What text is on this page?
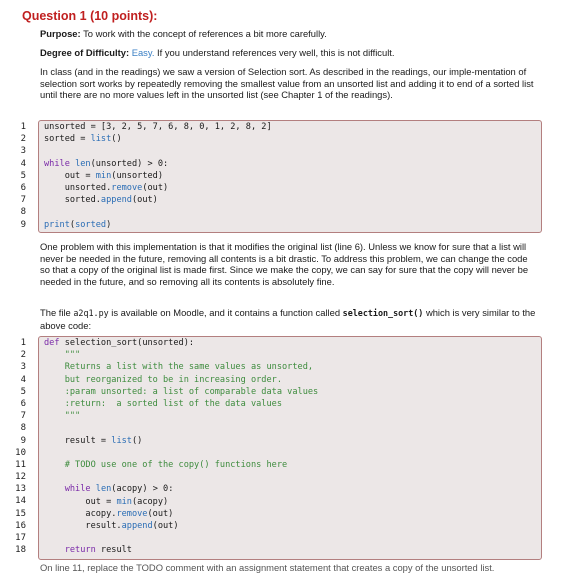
Question 1 (10 points):
Purpose: To work with the concept of references a bit more carefully.
Degree of Difficulty: Easy. If you understand references very well, this is not difficult.
In class (and in the readings) we saw a version of Selection sort. As described in the readings, our imple-mentation of selection sort works by repeatedly removing the smallest value from an unsorted list and adding it to end of a sorted list until there are no more values left in the unsorted list (see Chapter 1 of the readings).
1
2
3
4
5
6
7
8
9
unsorted = [3, 2, 5, 7, 6, 8, 0, 1, 2, 8, 2]
sorted = list()
while len(unsorted) > 0:
out = min(unsorted)
unsorted.remove(out)
sorted.append(out)
print(sorted)
One problem with this implementation is that it modifies the original list (line 6). Unless we know for sure that a list will never be needed in the future, removing all contents is a bit drastic. To address this problem, we can change the code so that a copy of the original list is made first. Since we make the copy, we can say for sure that the copy will never be needed in the future, and so removing all its contents is absolutely fine.
The file a2q1.py is available on Moodle, and it contains a function called selection_sort() which is very similar to the above code:
1
2
3
4
5
6
7
8
9
10
11
12
13
14
15
16
17
18
def selection_sort(unsorted):
"""
Returns a list with the same values as unsorted,
but reorganized to be in increasing order.
:param unsorted: a list of comparable data values
:return:  a sorted list of the data values
"""
result = list()
# TODO use one of the copy() functions here
while len(acopy) > 0:
out = min(acopy)
acopy.remove(out)
result.append(out)
return result
On line 11, replace the TODO comment with an assignment statement that creates a copy of the unsorted list.
